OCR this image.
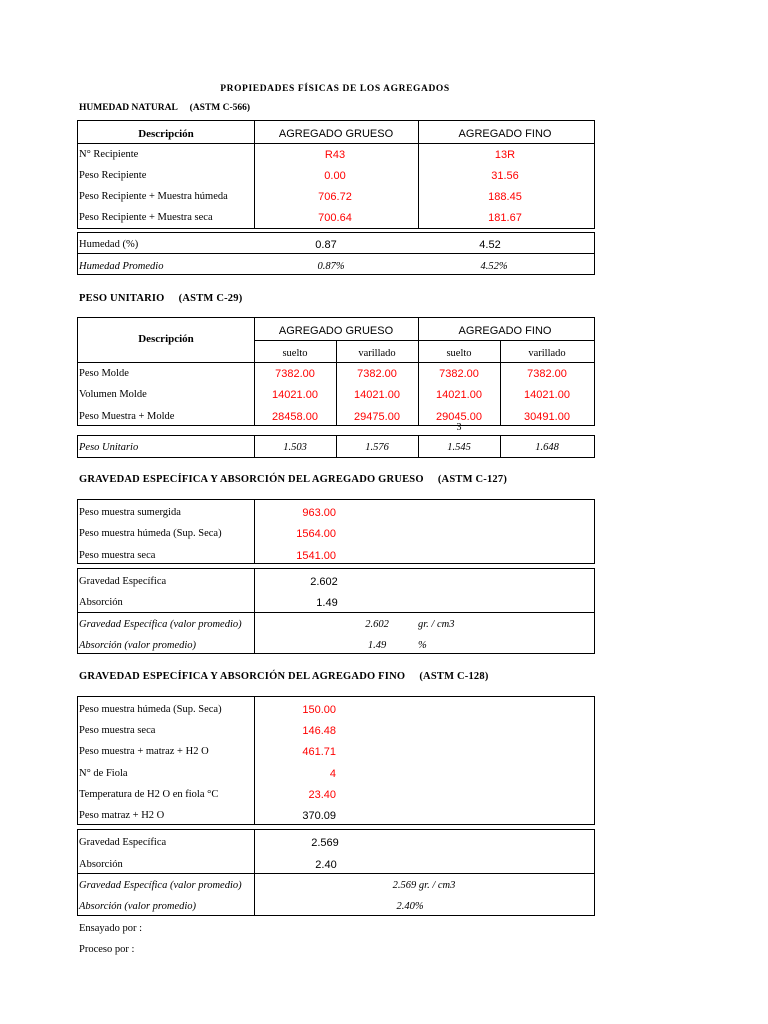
PROPIEDADES FÍSICAS DE LOS AGREGADOS
HUMEDAD NATURAL (ASTM C-566)
Descripción	AGREGADO GRUESO	AGREGADO FINO
N° Recipiente	R43	13R
Peso Recipiente	0.00	31.56
Peso Recipiente + Muestra húmeda	706.72	188.45
Peso Recipiente + Muestra seca	700.64	181.67
Humedad (%)	0.87	4.52
Humedad Promedio	0.87%	4.52%
PESO UNITARIO (ASTM C-29)
Descripción
AGREGADO GRUESO	AGREGADO FINO
suelto	varillado	suelto	varillado
Peso Molde	7382.00	7382.00	7382.00	7382.00
Volumen Molde	14021.00	14021.00	14021.00	14021.00
Peso Muestra + Molde	28458.00	29475.00	29045.00	30491.00
3
Peso Unitario	1.503	1.576	1.545	1.648
GRAVEDAD ESPECÍFICA Y ABSORCIÓN DEL AGREGADO GRUESO (ASTM C-127)
Peso muestra sumergida	963.00
Peso muestra húmeda (Sup. Seca)	1564.00
Peso muestra seca	1541.00
Gravedad Específica	2.602
Absorción	1.49
Gravedad Específica (valor promedio)	2.602	gr. / cm3
Absorción (valor promedio)	1.49	%
GRAVEDAD ESPECÍFICA Y ABSORCIÓN DEL AGREGADO FINO (ASTM C-128)
Peso muestra húmeda (Sup. Seca)	150.00
Peso muestra seca	146.48
Peso muestra + matraz + H2 O	461.71
N° de Fiola	4
Temperatura de H2 O en fiola °C	23.40
Peso matraz + H2 O	370.09
Gravedad Específica	2.569
Absorción	2.40
Gravedad Específica (valor promedio)	2.569 gr. / cm3
Absorción (valor promedio)	2.40%
Ensayado por :
Proceso por :
